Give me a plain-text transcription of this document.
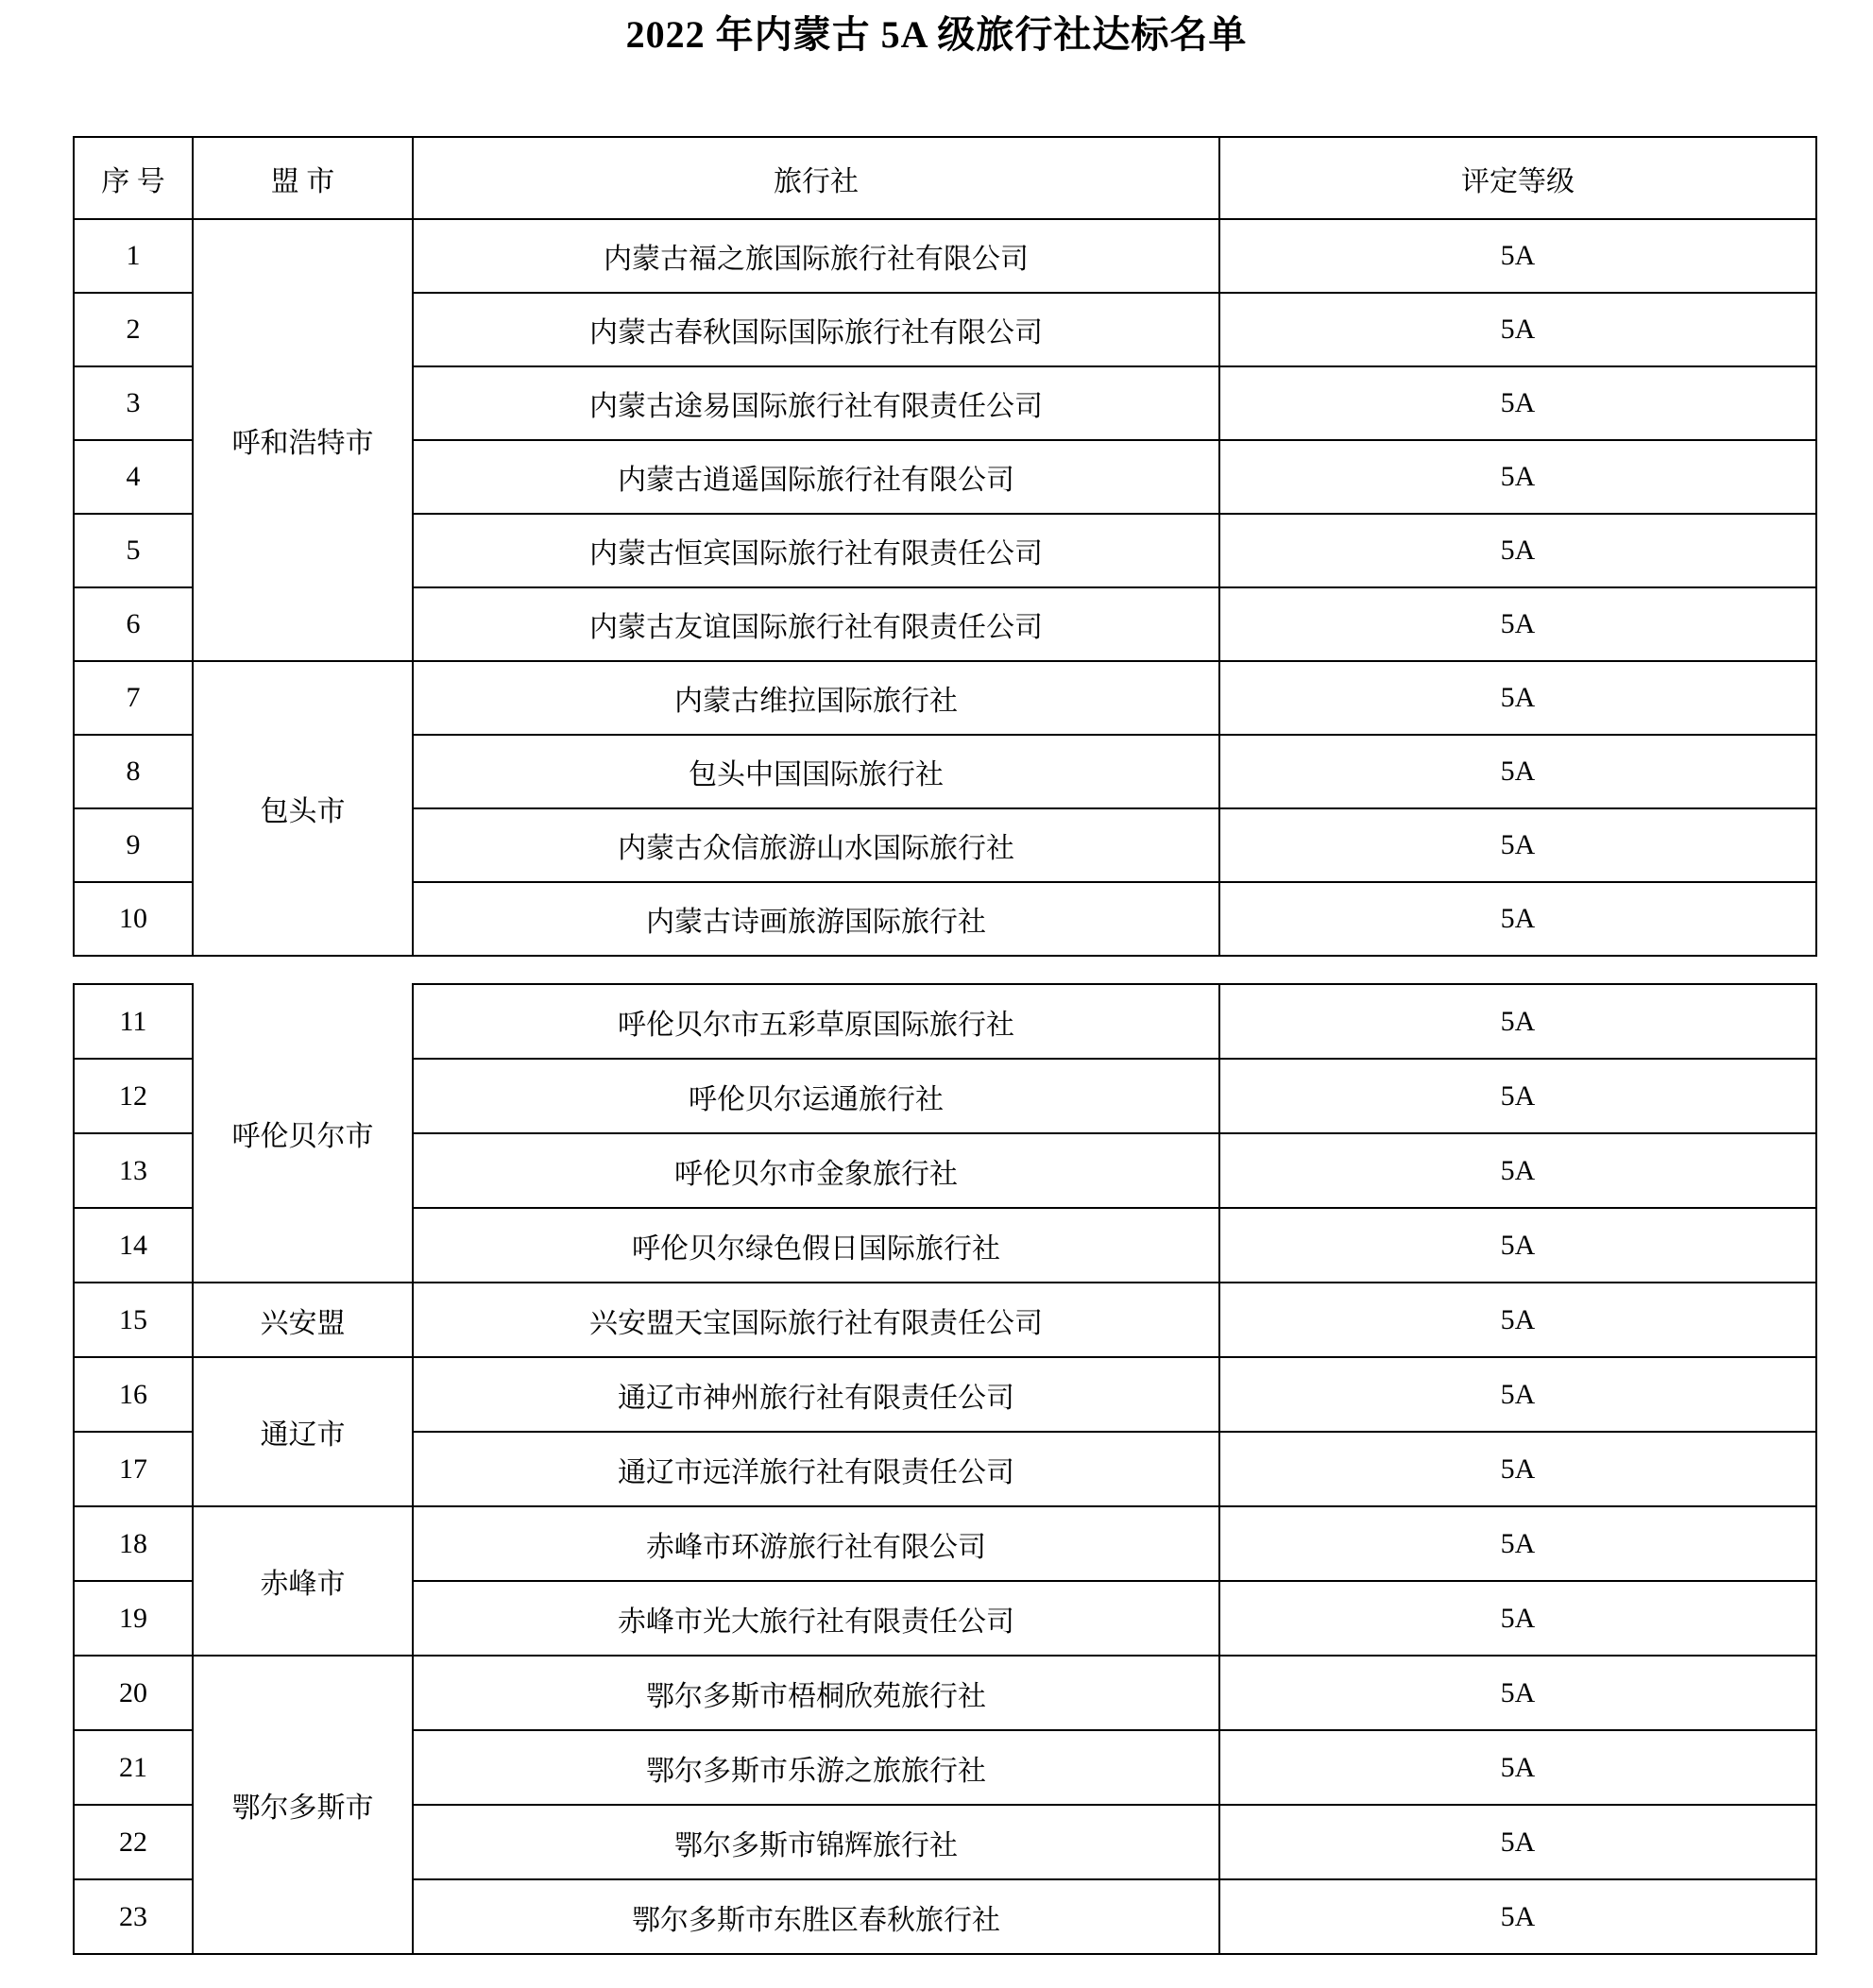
2022 年内蒙古 5A 级旅行社达标名单
序 号	盟 市	旅行社	评定等级
1	呼和浩特市	内蒙古福之旅国际旅行社有限公司	5A
2		内蒙古春秋国际国际旅行社有限公司	5A
3		内蒙古途易国际旅行社有限责任公司	5A
4		内蒙古逍遥国际旅行社有限公司	5A
5		内蒙古恒宾国际旅行社有限责任公司	5A
6		内蒙古友谊国际旅行社有限责任公司	5A
7	包头市	内蒙古维拉国际旅行社	5A
8		包头中国国际旅行社	5A
9		内蒙古众信旅游山水国际旅行社	5A
10		内蒙古诗画旅游国际旅行社	5A
11	呼伦贝尔市	呼伦贝尔市五彩草原国际旅行社	5A
12		呼伦贝尔运通旅行社	5A
13		呼伦贝尔市金象旅行社	5A
14		呼伦贝尔绿色假日国际旅行社	5A
15	兴安盟	兴安盟天宝国际旅行社有限责任公司	5A
16	通辽市	通辽市神州旅行社有限责任公司	5A
17		通辽市远洋旅行社有限责任公司	5A
18	赤峰市	赤峰市环游旅行社有限公司	5A
19		赤峰市光大旅行社有限责任公司	5A
20	鄂尔多斯市	鄂尔多斯市梧桐欣苑旅行社	5A
21		鄂尔多斯市乐游之旅旅行社	5A
22		鄂尔多斯市锦辉旅行社	5A
23		鄂尔多斯市东胜区春秋旅行社	5A
